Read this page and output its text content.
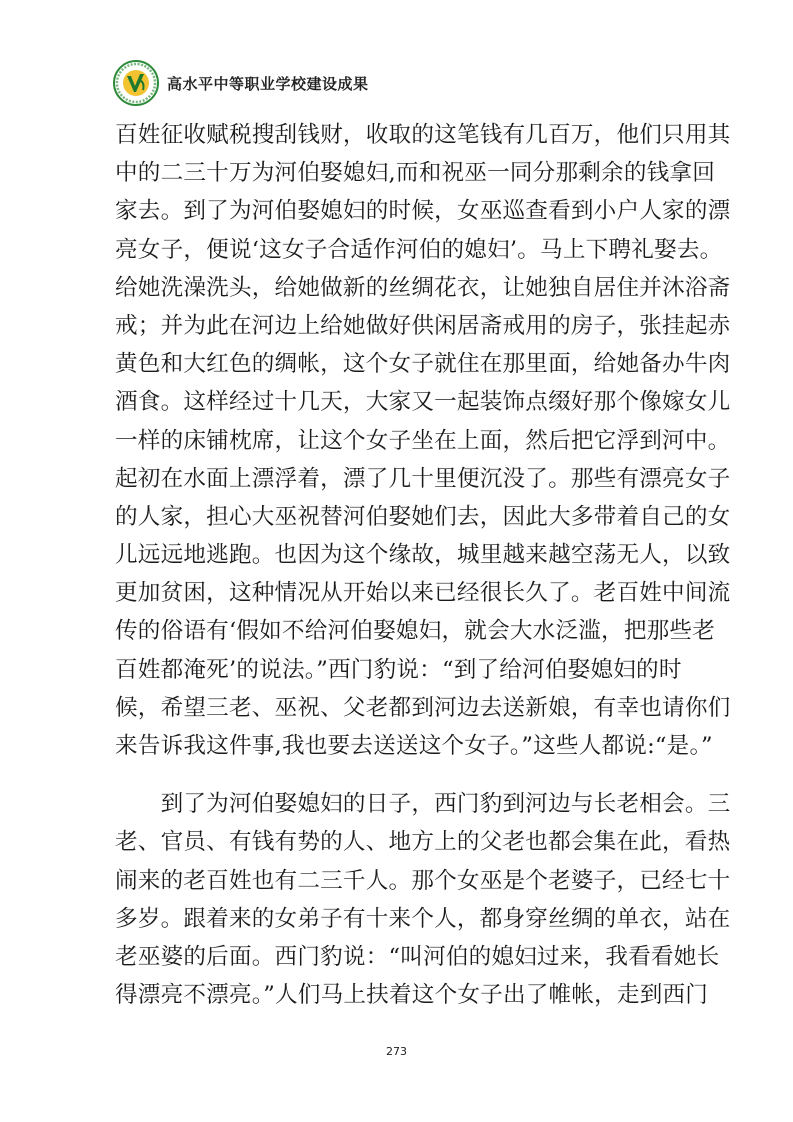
高水平中等职业学校建设成果
百姓征收赋税搜刮钱财，收取的这笔钱有几百万，他们只用其
中的二三十万为河伯娶媳妇,而和祝巫一同分那剩余的钱拿回
家去。到了为河伯娶媳妇的时候，女巫巡查看到小户人家的漂
亮女子，便说‘这女子合适作河伯的媳妇’。马上下聘礼娶去。
给她洗澡洗头，给她做新的丝绸花衣，让她独自居住并沐浴斋
戒；并为此在河边上给她做好供闲居斋戒用的房子，张挂起赤
黄色和大红色的绸帐，这个女子就住在那里面，给她备办牛肉
酒食。这样经过十几天，大家又一起装饰点缀好那个像嫁女儿
一样的床铺枕席，让这个女子坐在上面，然后把它浮到河中。
起初在水面上漂浮着，漂了几十里便沉没了。那些有漂亮女子
的人家，担心大巫祝替河伯娶她们去，因此大多带着自己的女
儿远远地逃跑。也因为这个缘故，城里越来越空荡无人，以致
更加贫困，这种情况从开始以来已经很长久了。老百姓中间流
传的俗语有‘假如不给河伯娶媳妇，就会大水泛滥，把那些老
百姓都淹死’的说法。”西门豹说：“到了给河伯娶媳妇的时
候，希望三老、巫祝、父老都到河边去送新娘，有幸也请你们
来告诉我这件事,我也要去送送这个女子。”这些人都说:“是。”
　　到了为河伯娶媳妇的日子，西门豹到河边与长老相会。三
老、官员、有钱有势的人、地方上的父老也都会集在此，看热
闹来的老百姓也有二三千人。那个女巫是个老婆子，已经七十
多岁。跟着来的女弟子有十来个人，都身穿丝绸的单衣，站在
老巫婆的后面。西门豹说：“叫河伯的媳妇过来，我看看她长
得漂亮不漂亮。”人们马上扶着这个女子出了帷帐，走到西门
273
